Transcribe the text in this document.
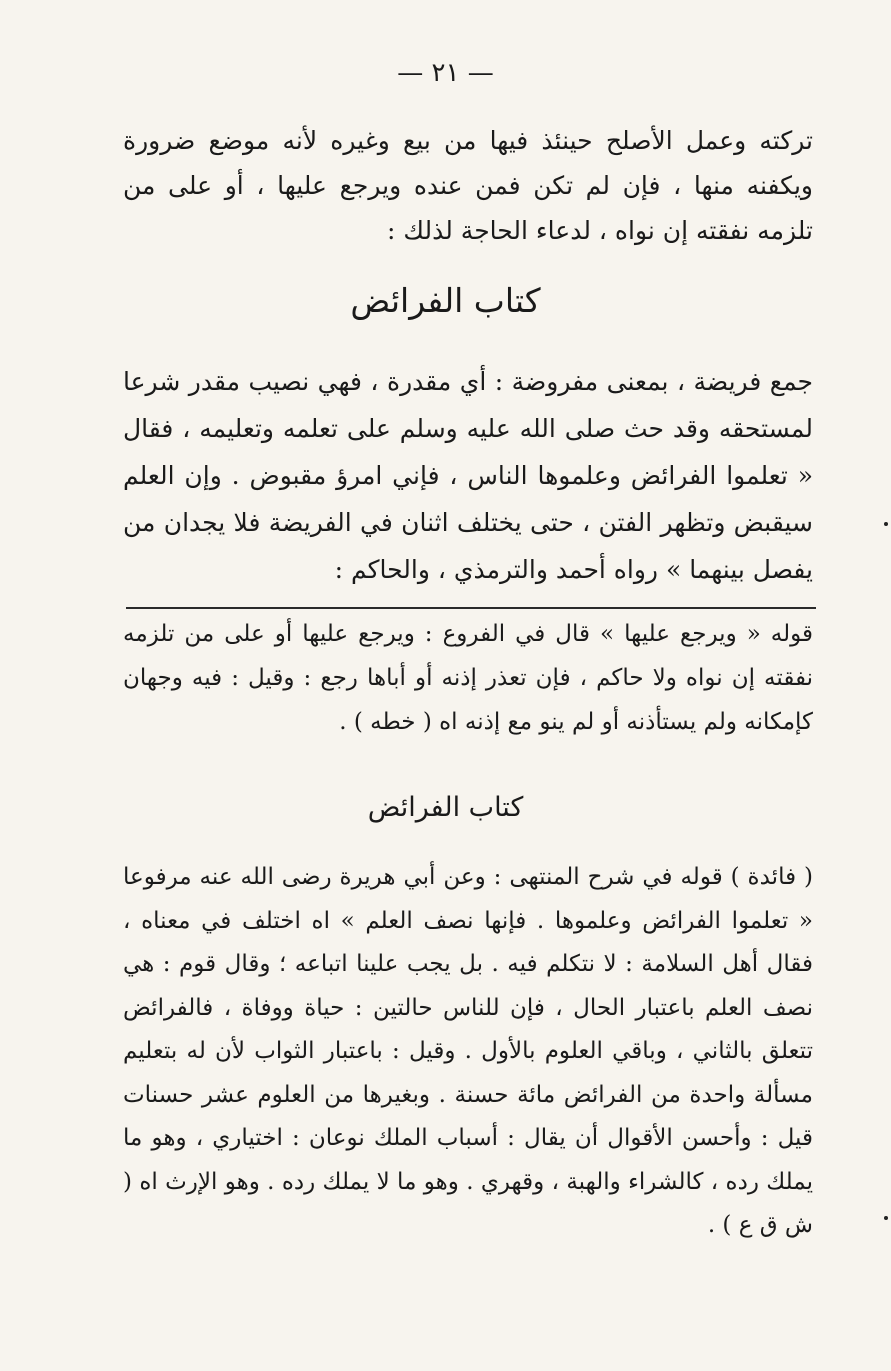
— ٢١ —

تركته وعمل الأصلح حينئذ فيها من بيع وغيره لأنه موضع ضرورة ويكفنه منها ، فإن لم تكن فمن عنده ويرجع عليها ، أو على من تلزمه نفقته إن نواه ، لدعاء الحاجة لذلك :

كتاب الفرائض

جمع فريضة ، بمعنى مفروضة : أي مقدرة ، فهي نصيب مقدر شرعا لمستحقه وقد حث صلى الله عليه وسلم على تعلمه وتعليمه ، فقال « تعلموا الفرائض وعلموها الناس ، فإني امرؤ مقبوض . وإن العلم سيقبض وتظهر الفتن ، حتى يختلف اثنان في الفريضة فلا يجدان من يفصل بينهما » رواه أحمد والترمذي ، والحاكم :

قوله « ويرجع عليها » قال في الفروع : ويرجع عليها أو على من تلزمه نفقته إن نواه ولا حاكم ، فإن تعذر إذنه أو أباها رجع : وقيل : فيه وجهان كإمكانه ولم يستأذنه أو لم ينو مع إذنه اه ( خطه ) .

كتاب الفرائض

( فائدة ) قوله في شرح المنتهى : وعن أبي هريرة رضى الله عنه مرفوعا « تعلموا الفرائض وعلموها . فإنها نصف العلم » اه اختلف في معناه ، فقال أهل السلامة : لا نتكلم فيه . بل يجب علينا اتباعه ؛ وقال قوم : هي نصف العلم باعتبار الحال ، فإن للناس حالتين : حياة ووفاة ، فالفرائض تتعلق بالثاني ، وباقي العلوم بالأول . وقيل : باعتبار الثواب لأن له بتعليم مسألة واحدة من الفرائض مائة حسنة . وبغيرها من العلوم عشر حسنات قيل : وأحسن الأقوال أن يقال : أسباب الملك نوعان : اختياري ، وهو ما يملك رده ، كالشراء والهبة ، وقهري . وهو ما لا يملك رده . وهو الإرث اه ( ش ق ع ) .
